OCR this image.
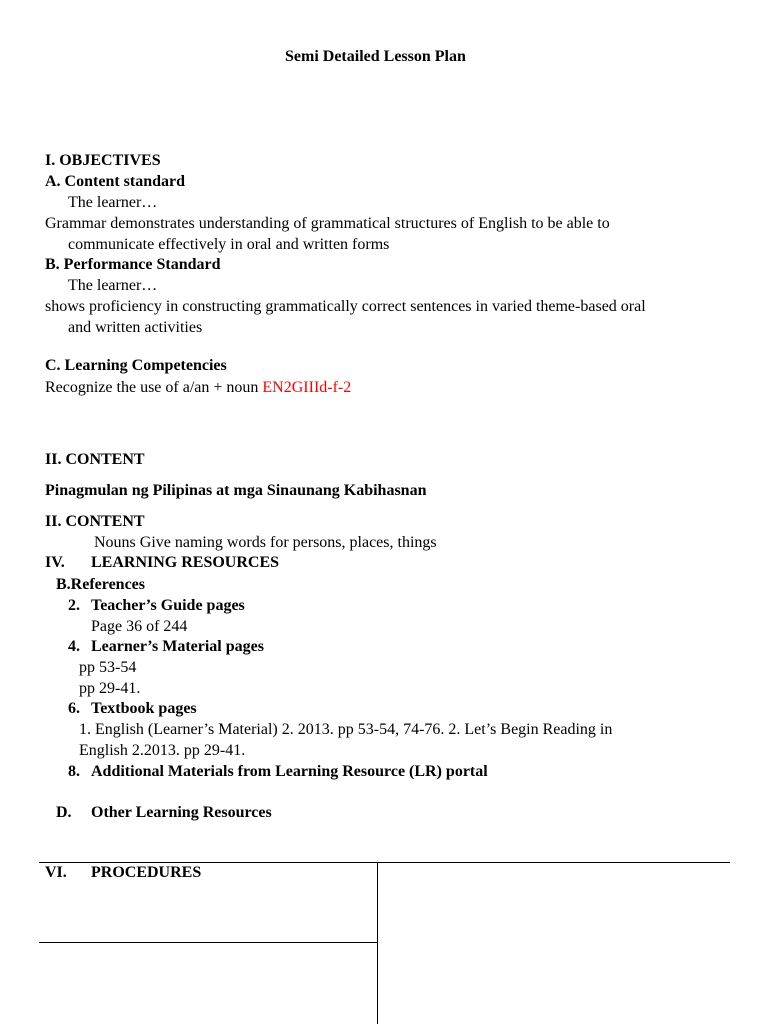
Semi Detailed Lesson Plan
I. OBJECTIVES
A. Content standard
The learner…
Grammar demonstrates understanding of grammatical structures of English to be able to
communicate effectively in oral and written forms
B. Performance Standard
The learner…
shows proficiency in constructing grammatically correct sentences in varied theme-based oral
and written activities
C. Learning Competencies
Recognize the use of a/an + noun EN2GIIId-f-2
II. CONTENT
Pinagmulan ng Pilipinas at mga Sinaunang Kabihasnan
II. CONTENT
Nouns Give naming words for persons, places, things
IV. LEARNING RESOURCES
B.References
2. Teacher’s Guide pages
Page 36 of 244
4. Learner’s Material pages
pp 53-54
pp 29-41.
6. Textbook pages
1. English (Learner’s Material) 2. 2013. pp 53-54, 74-76. 2. Let’s Begin Reading in
English 2.2013. pp 29-41.
8. Additional Materials from Learning Resource (LR) portal
D. Other Learning Resources
VI. PROCEDURES
